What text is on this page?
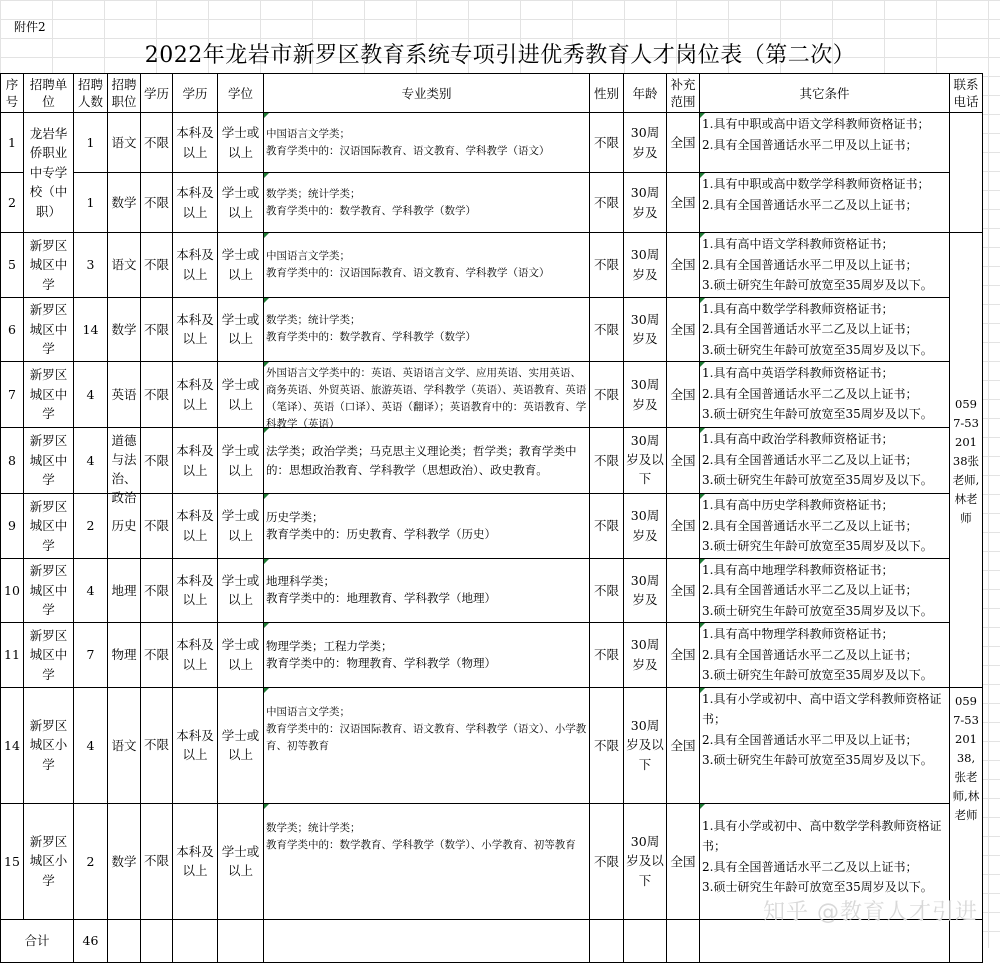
附件2
2022年龙岩市新罗区教育系统专项引进优秀教育人才岗位表（第二次）
序号	招聘单位	招聘人数	招聘职位	学历	学历	学位	专业类别	性别	年龄	补充范围	其它条件	联系电话
1	龙岩华侨职业中专学校（中职）	1	语文	不限	本科及以上	学士或以上	中国语言文学类；
教育学类中的：汉语国际教育、语文教育、学科教学（语文）	不限	30周岁及	全国	1.具有中职或高中语文学科教师资格证书；
2.具有全国普通话水平二甲及以上证书；	
2		1	数学	不限	本科及以上	学士或以上	数学类；统计学类；
教育学类中的：数学教育、学科教学（数学）	不限	30周岁及	全国	1.具有中职或高中数学学科教师资格证书；
2.具有全国普通话水平二乙及以上证书；	
5	新罗区城区中学	3	语文	不限	本科及以上	学士或以上	中国语言文学类；
教育学类中的：汉语国际教育、语文教育、学科教学（语文）	不限	30周岁及	全国	1.具有高中语文学科教师资格证书；
2.具有全国普通话水平二甲及以上证书；
3.硕士研究生年龄可放宽至35周岁及以下。	0597-5320138张老师,林老师
6	新罗区城区中学	14	数学	不限	本科及以上	学士或以上	数学类；统计学类；
教育学类中的：数学教育、学科教学（数学）	不限	30周岁及	全国	1.具有高中数学学科教师资格证书；
2.具有全国普通话水平二乙及以上证书；
3.硕士研究生年龄可放宽至35周岁及以下。	
7	新罗区城区中学	4	英语	不限	本科及以上	学士或以上	外国语言文学类中的：英语、英语语言文学、应用英语、实用英语、商务英语、外贸英语、旅游英语、学科教学（英语）、英语教育、英语（笔译）、英语（口译）、英语（翻译）；英语教育中的：英语教育、学科教学（英语）	不限	30周岁及	全国	1.具有高中英语学科教师资格证书；
2.具有全国普通话水平二乙及以上证书；
3.硕士研究生年龄可放宽至35周岁及以下。	
8	新罗区城区中学	4	道德与法治、政治	不限	本科及以上	学士或以上	法学类；政治学类；马克思主义理论类；哲学类；教育学类中的：思想政治教育、学科教学（思想政治）、政史教育。	不限	30周岁及以下	全国	1.具有高中政治学科教师资格证书；
2.具有全国普通话水平二乙及以上证书；
3.硕士研究生年龄可放宽至35周岁及以下。	
9	新罗区城区中学	2	历史	不限	本科及以上	学士或以上	历史学类；
教育学类中的：历史教育、学科教学（历史）	不限	30周岁及	全国	1.具有高中历史学科教师资格证书；
2.具有全国普通话水平二乙及以上证书；
3.硕士研究生年龄可放宽至35周岁及以下。	
10	新罗区城区中学	4	地理	不限	本科及以上	学士或以上	地理科学类；
教育学类中的：地理教育、学科教学（地理）	不限	30周岁及	全国	1.具有高中地理学科教师资格证书；
2.具有全国普通话水平二乙及以上证书；
3.硕士研究生年龄可放宽至35周岁及以下。	
11	新罗区城区中学	7	物理	不限	本科及以上	学士或以上	物理学类；工程力学类；
教育学类中的：物理教育、学科教学（物理）	不限	30周岁及	全国	1.具有高中物理学科教师资格证书；
2.具有全国普通话水平二乙及以上证书；
3.硕士研究生年龄可放宽至35周岁及以下。	
14	新罗区城区小学	4	语文	不限	本科及以上	学士或以上	中国语言文学类；
教育学类中的：汉语国际教育、语文教育、学科教学（语文）、小学教育、初等教育	不限	30周岁及以下	全国	1.具有小学或初中、高中语文学科教师资格证书；
2.具有全国普通话水平二甲及以上证书；
3.硕士研究生年龄可放宽至35周岁及以下。	0597-5320138,张老师,林老师
15	新罗区城区小学	2	数学	不限	本科及以上	学士或以上	数学类；统计学类；
教育学类中的：数学教育、学科教学（数学）、小学教育、初等教育	不限	30周岁及以下	全国	1.具有小学或初中、高中数学学科教师资格证书；
2.具有全国普通话水平二乙及以上证书；
3.硕士研究生年龄可放宽至35周岁及以下。	
合计		46										
知乎 @教育人才引进
